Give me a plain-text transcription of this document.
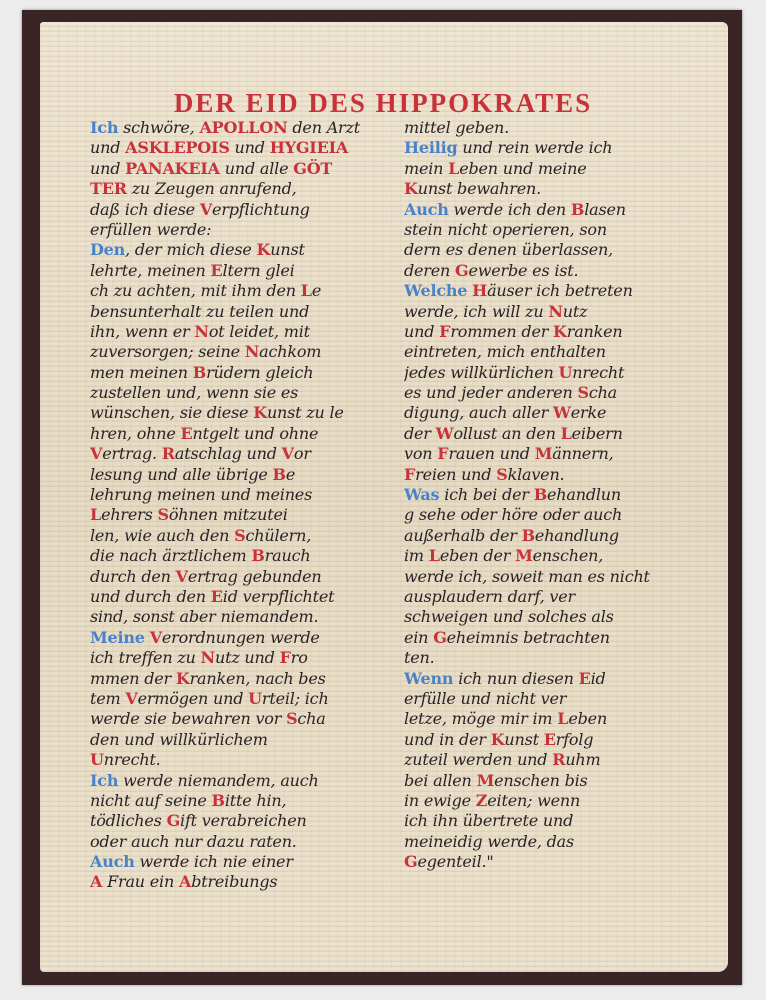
DER EID DES HIPPOKRATES
Ich schwöre, APOLLON den Arzt
und ASKLEPOIS und HYGIEIA
und PANAKEIA und alle GÖT
TER zu Zeugen anrufend,
daß ich diese Verpflichtung
erfüllen werde:
Den, der mich diese Kunst
lehrte, meinen Eltern glei
ch zu achten, mit ihm den Le
bensunterhalt zu teilen und
ihn, wenn er Not leidet, mit
zuversorgen; seine Nachkom
men meinen Brüdern gleich
zustellen und, wenn sie es
wünschen, sie diese Kunst zu le
hren, ohne Entgelt und ohne
Vertrag. Ratschlag und Vor
lesung und alle übrige Be
lehrung meinen und meines
Lehrers Söhnen mitzutei
len, wie auch den Schülern,
die nach ärztlichem Brauch
durch den Vertrag gebunden
und durch den Eid verpflichtet
sind, sonst aber niemandem.
Meine Verordnungen werde
ich treffen zu Nutz und Fro
mmen der Kranken, nach bes
tem Vermögen und Urteil; ich
werde sie bewahren vor Scha
den und willkürlichem
Unrecht.
Ich werde niemandem, auch
nicht auf seine Bitte hin,
tödliches Gift verabreichen
oder auch nur dazu raten.
Auch werde ich nie einer
A Frau ein Abtreibungs
mittel geben.
Heilig und rein werde ich
mein Leben und meine
Kunst bewahren.
Auch werde ich den Blasen
stein nicht operieren, son
dern es denen überlassen,
deren Gewerbe es ist.
Welche Häuser ich betreten
werde, ich will zu Nutz
und Frommen der Kranken
eintreten, mich enthalten
jedes willkürlichen Unrecht
es und jeder anderen Scha
digung, auch aller Werke
der Wollust an den Leibern
von Frauen und Männern,
Freien und Sklaven.
Was ich bei der Behandlun
g sehe oder höre oder auch
außerhalb der Behandlung
im Leben der Menschen,
werde ich, soweit man es nicht
ausplaudern darf, ver
schweigen und solches als
ein Geheimnis betrachten
ten.
Wenn ich nun diesen Eid
erfülle und nicht ver
letze, möge mir im Leben
und in der Kunst Erfolg
zuteil werden und Ruhm
bei allen Menschen bis
in ewige Zeiten; wenn
ich ihn übertrete und
meineidig werde, das
Gegenteil."
